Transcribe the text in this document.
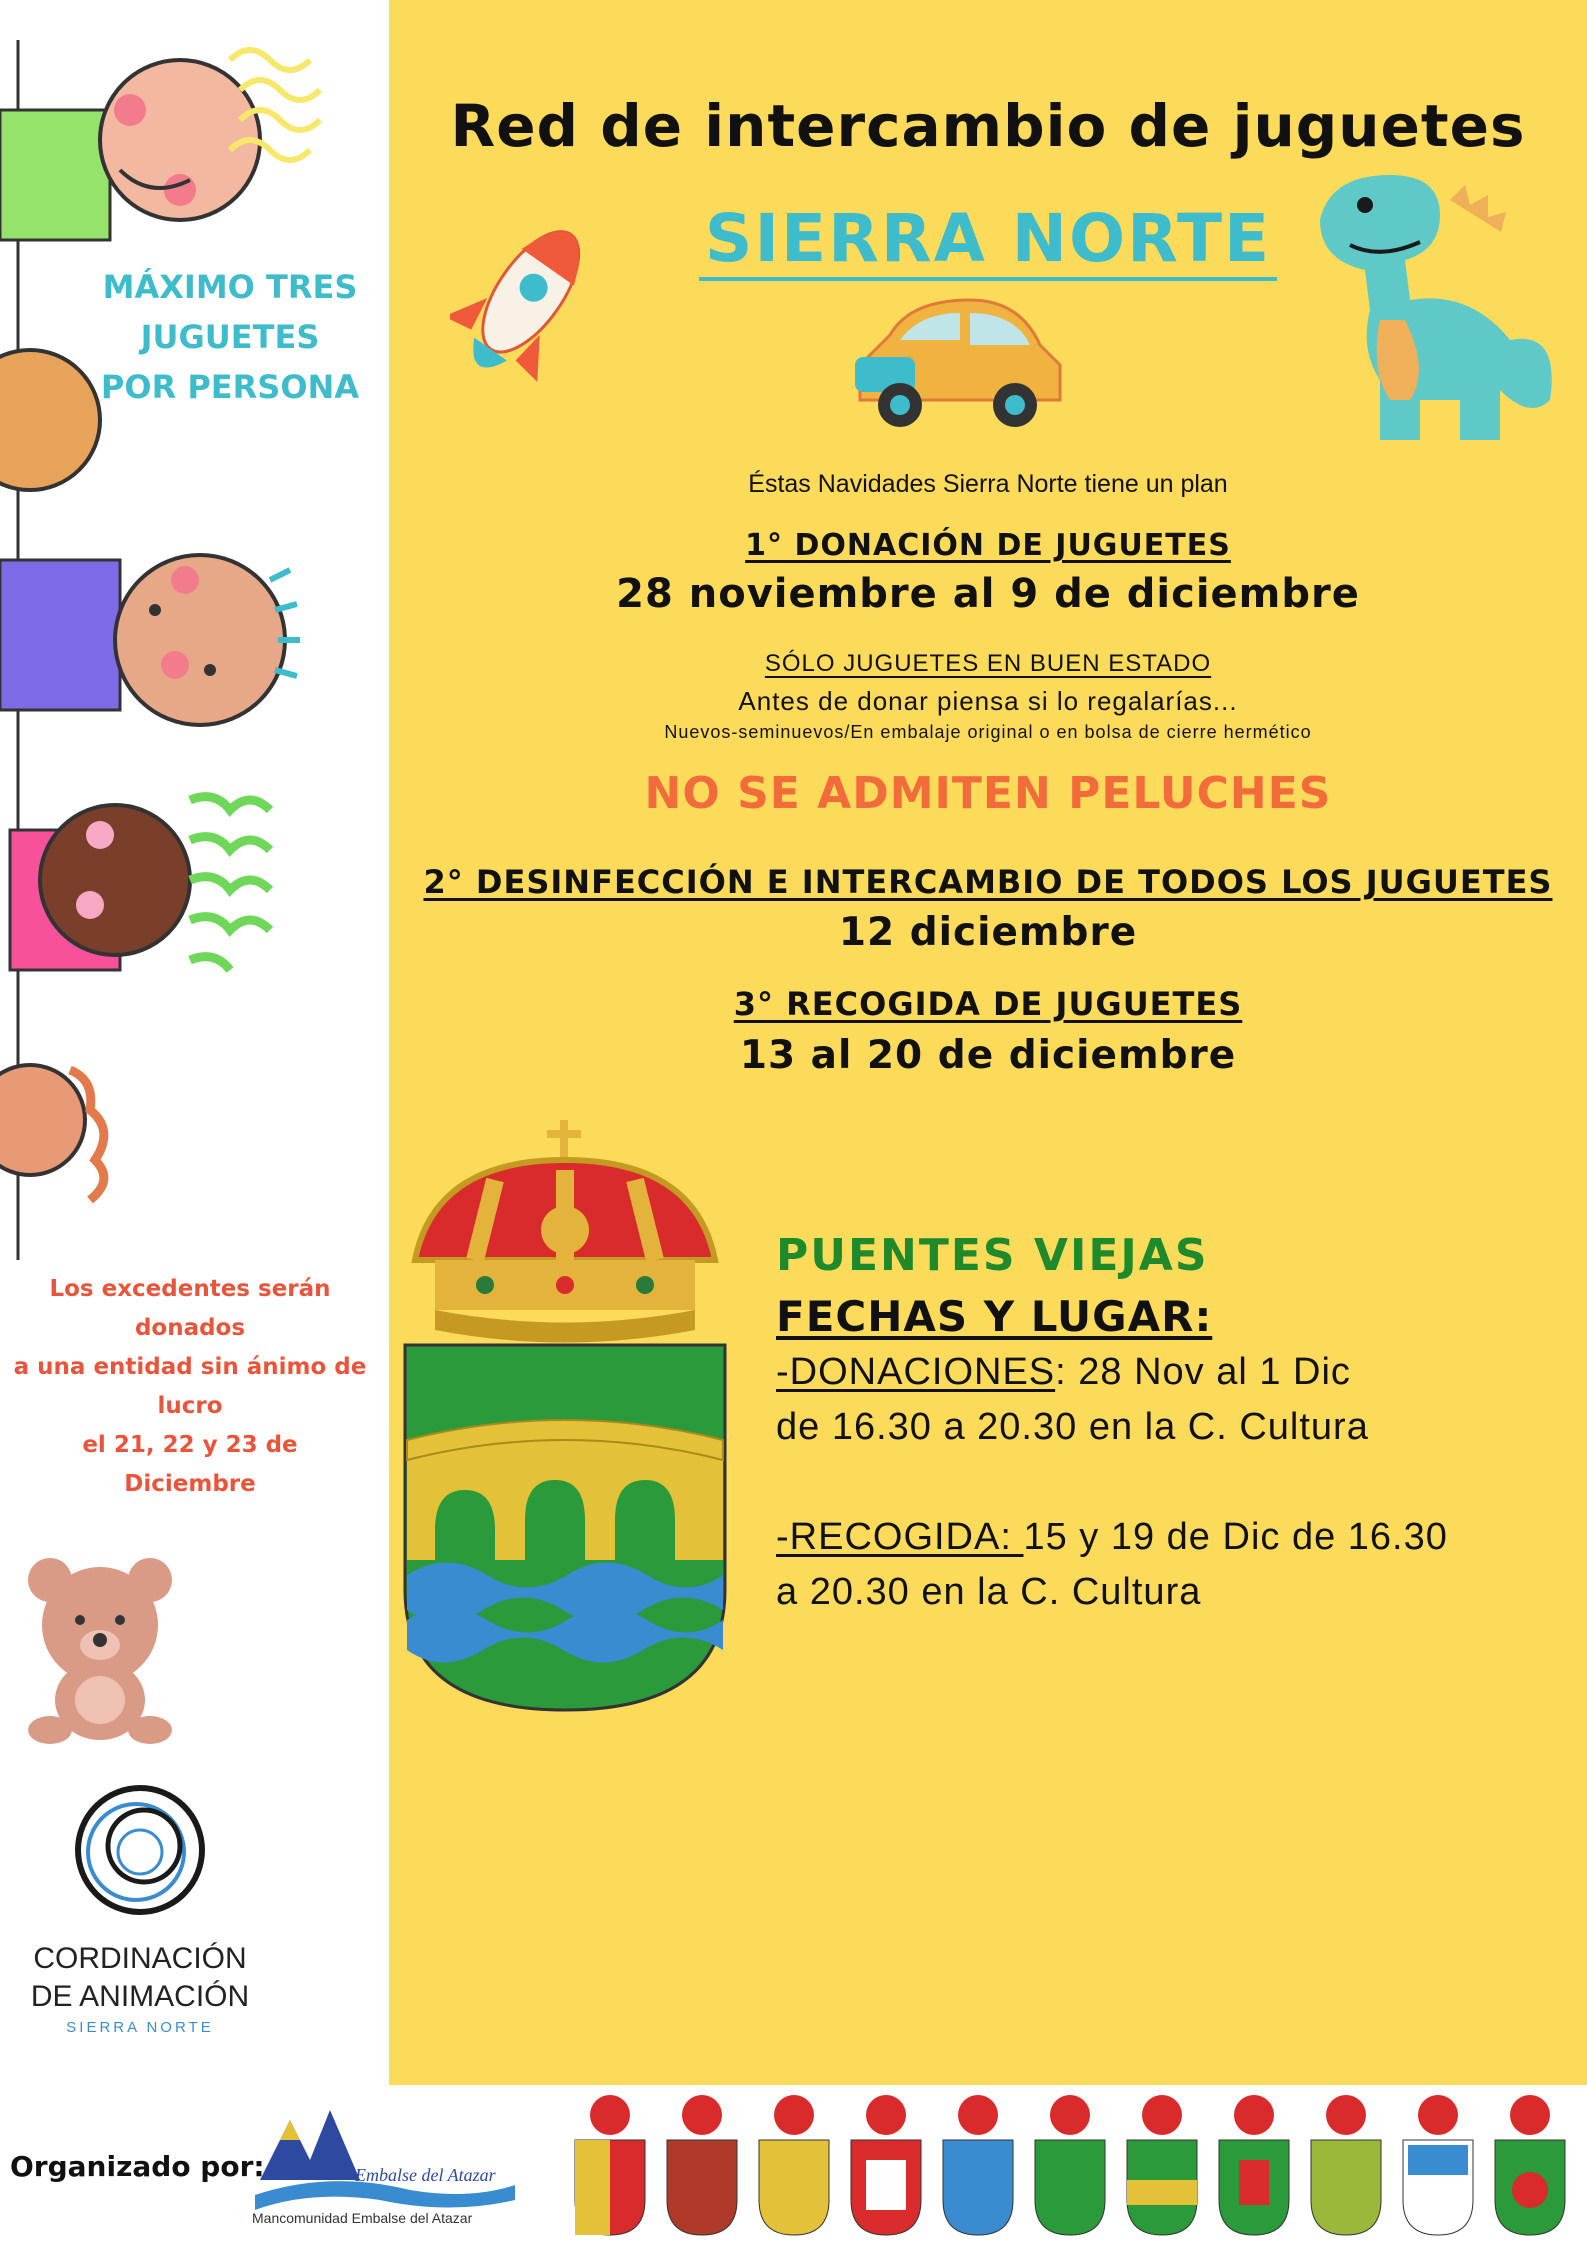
MÁXIMO TRES
JUGUETES
POR PERSONA
Los excedentes serán
donados
a una entidad sin ánimo de
lucro
el 21, 22 y 23 de
Diciembre
CORDINACIÓN
DE ANIMACIÓN
SIERRA NORTE
Red de intercambio de juguetes
SIERRA NORTE
Éstas Navidades Sierra Norte tiene un plan
1° DONACIÓN DE JUGUETES
28 noviembre al 9 de diciembre
SÓLO JUGUETES EN BUEN ESTADO
Antes de donar piensa si lo regalarías...
Nuevos-seminuevos/En embalaje original o en bolsa de cierre hermético
NO SE ADMITEN PELUCHES
2° DESINFECCIÓN E INTERCAMBIO DE TODOS LOS JUGUETES
12 diciembre
3° RECOGIDA DE JUGUETES
13 al 20 de diciembre
PUENTES VIEJAS
FECHAS Y LUGAR:
-DONACIONES: 28 Nov al 1 Dic
de 16.30 a 20.30 en la C. Cultura
-RECOGIDA: 15 y 19 de Dic de 16.30
a 20.30 en la C. Cultura
Organizado por:	Embalse del Atazar
Mancomunidad Embalse del Atazar
